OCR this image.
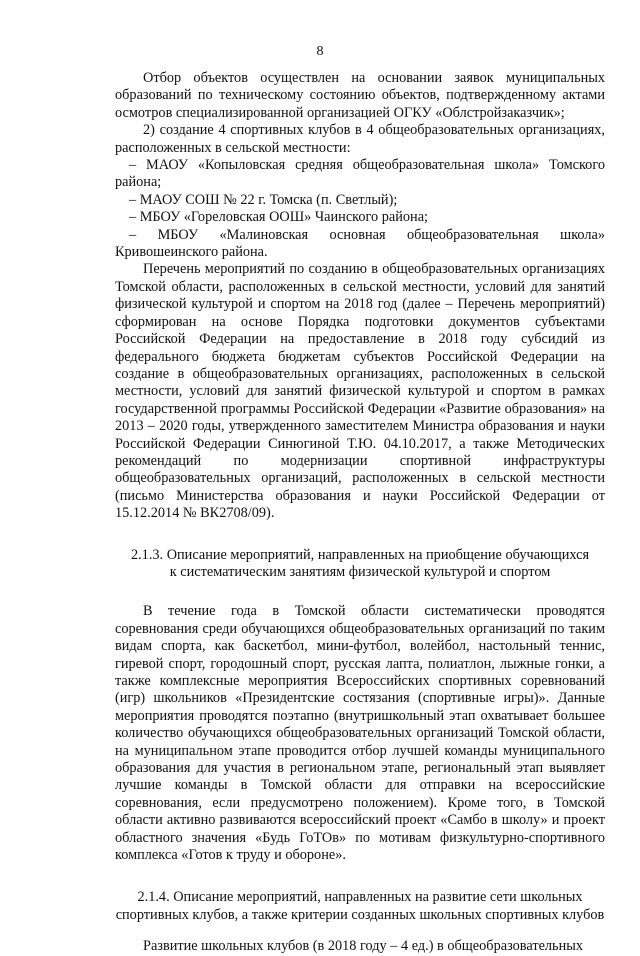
8

Отбор объектов осуществлен на основании заявок муниципальных образований по техническому состоянию объектов, подтвержденному актами осмотров специализированной организацией ОГКУ «Облстройзаказчик»;

2) создание 4 спортивных клубов в 4 общеобразовательных организациях, расположенных в сельской местности:

– МАОУ «Копыловская средняя общеобразовательная школа» Томского района;

– МАОУ СОШ № 22 г. Томска (п. Светлый);

– МБОУ «Гореловская ООШ» Чаинского района;

– МБОУ «Малиновская основная общеобразовательная школа» Кривошеинского района.

Перечень мероприятий по созданию в общеобразовательных организациях Томской области, расположенных в сельской местности, условий для занятий физической культурой и спортом на 2018 год (далее – Перечень мероприятий) сформирован на основе Порядка подготовки документов субъектами Российской Федерации на предоставление в 2018 году субсидий из федерального бюджета бюджетам субъектов Российской Федерации на создание в общеобразовательных организациях, расположенных в сельской местности, условий для занятий физической культурой и спортом в рамках государственной программы Российской Федерации «Развитие образования» на 2013 – 2020 годы, утвержденного заместителем Министра образования и науки Российской Федерации Синюгиной Т.Ю. 04.10.2017, а также Методических рекомендаций по модернизации спортивной инфраструктуры общеобразовательных организаций, расположенных в сельской местности (письмо Министерства образования и науки Российской Федерации от 15.12.2014 № ВК2708/09).

2.1.3. Описание мероприятий, направленных на приобщение обучающихся
к систематическим занятиям физической культурой и спортом

В течение года в Томской области систематически проводятся соревнования среди обучающихся общеобразовательных организаций по таким видам спорта, как баскетбол, мини-футбол, волейбол, настольный теннис, гиревой спорт, городошный спорт, русская лапта, полиатлон, лыжные гонки, а также комплексные мероприятия Всероссийских спортивных соревнований (игр) школьников «Президентские состязания (спортивные игры)». Данные мероприятия проводятся поэтапно (внутришкольный этап охватывает большее количество обучающихся общеобразовательных организаций Томской области, на муниципальном этапе проводится отбор лучшей команды муниципального образования для участия в региональном этапе, региональный этап выявляет лучшие команды в Томской области для отправки на всероссийские соревнования, если предусмотрено положением). Кроме того, в Томской области активно развиваются всероссийский проект «Самбо в школу» и проект областного значения «Будь ГоТОв» по мотивам физкультурно-спортивного комплекса «Готов к труду и обороне».

2.1.4. Описание мероприятий, направленных на развитие сети школьных
спортивных клубов, а также критерии созданных школьных спортивных клубов

Развитие школьных клубов (в 2018 году – 4 ед.) в общеобразовательных
